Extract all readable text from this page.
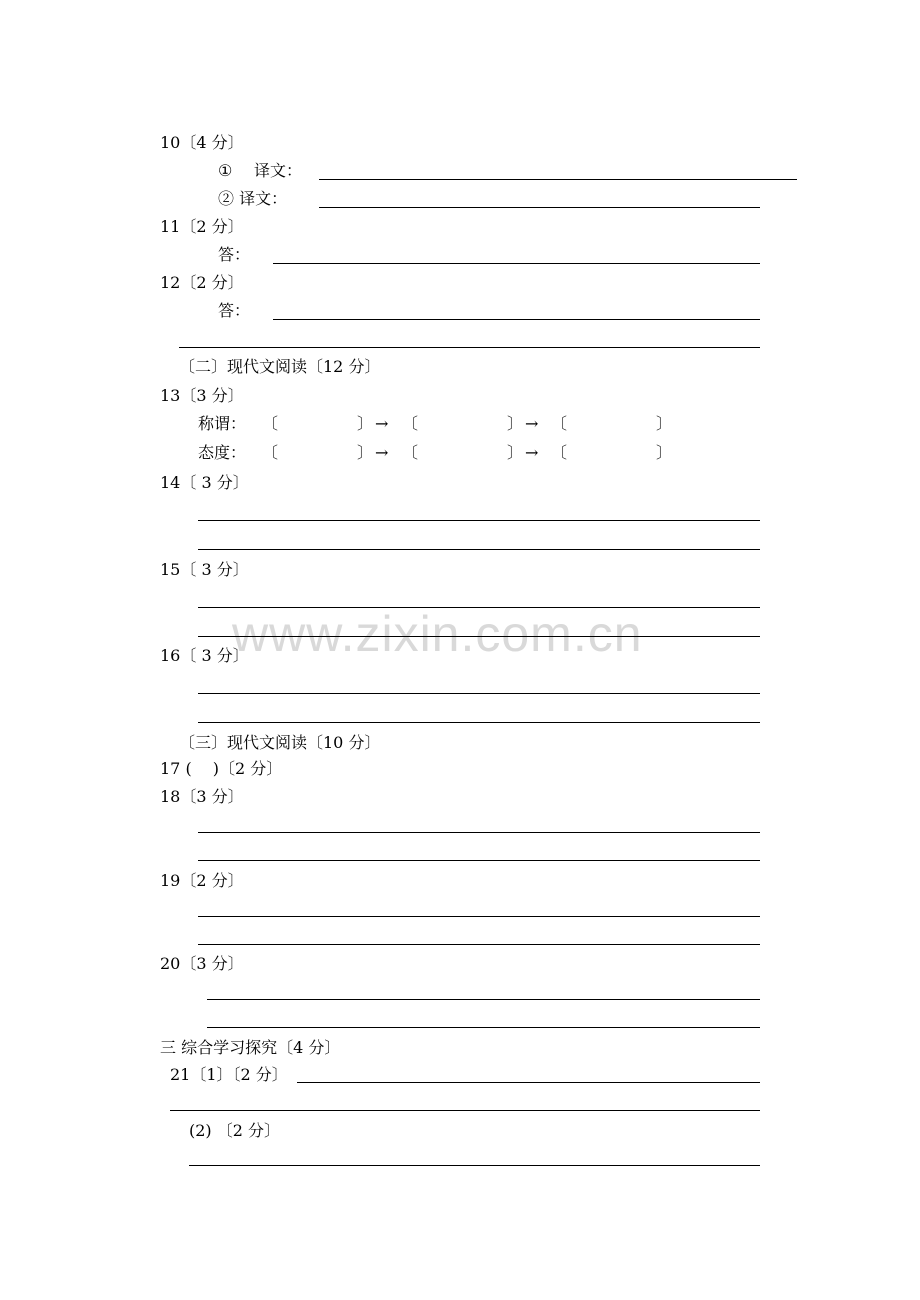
www.zixin.com.cn
10〔4 分〕
① 译文：
② 译文：
11〔2 分〕
答：
12〔2 分〕
答：
〔二〕现代文阅读〔12 分〕
13〔3 分〕
称谓： 〔	〕 → 〔	〕 → 〔	〕
态度： 〔	〕 → 〔	〕 → 〔	〕
14〔 3 分〕
15〔 3 分〕
16〔 3 分〕
〔三〕现代文阅读〔10 分〕
17 (　 )〔2 分〕
18〔3 分〕
19〔2 分〕
20〔3 分〕
三 综合学习探究〔4 分〕
21〔1〕〔2 分〕
(2) 〔2 分〕
